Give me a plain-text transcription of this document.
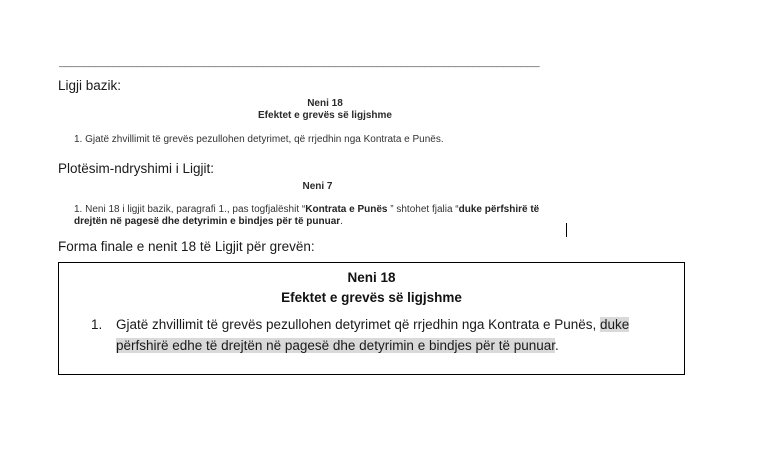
________________________________________________________________________________
Ligji bazik:
Neni 18
Efektet e grevës së ligjshme
1. Gjatë zhvillimit të grevës pezullohen detyrimet, që rrjedhin nga Kontrata e Punës.
Plotësim-ndryshimi i Ligjit:
Neni 7
1. Neni 18 i ligjit bazik, paragrafi 1., pas togfjalëshit “Kontrata e Punës ” shtohet fjalia “duke përfshirë të drejtën në pagesë dhe detyrimin e bindjes për të punuar.
Forma finale e nenit 18 të Ligjit për grevën:
Neni 18
Efektet e grevës së ligjshme
1. Gjatë zhvillimit të grevës pezullohen detyrimet që rrjedhin nga Kontrata e Punës, duke përfshirë edhe të drejtën në pagesë dhe detyrimin e bindjes për të punuar.
